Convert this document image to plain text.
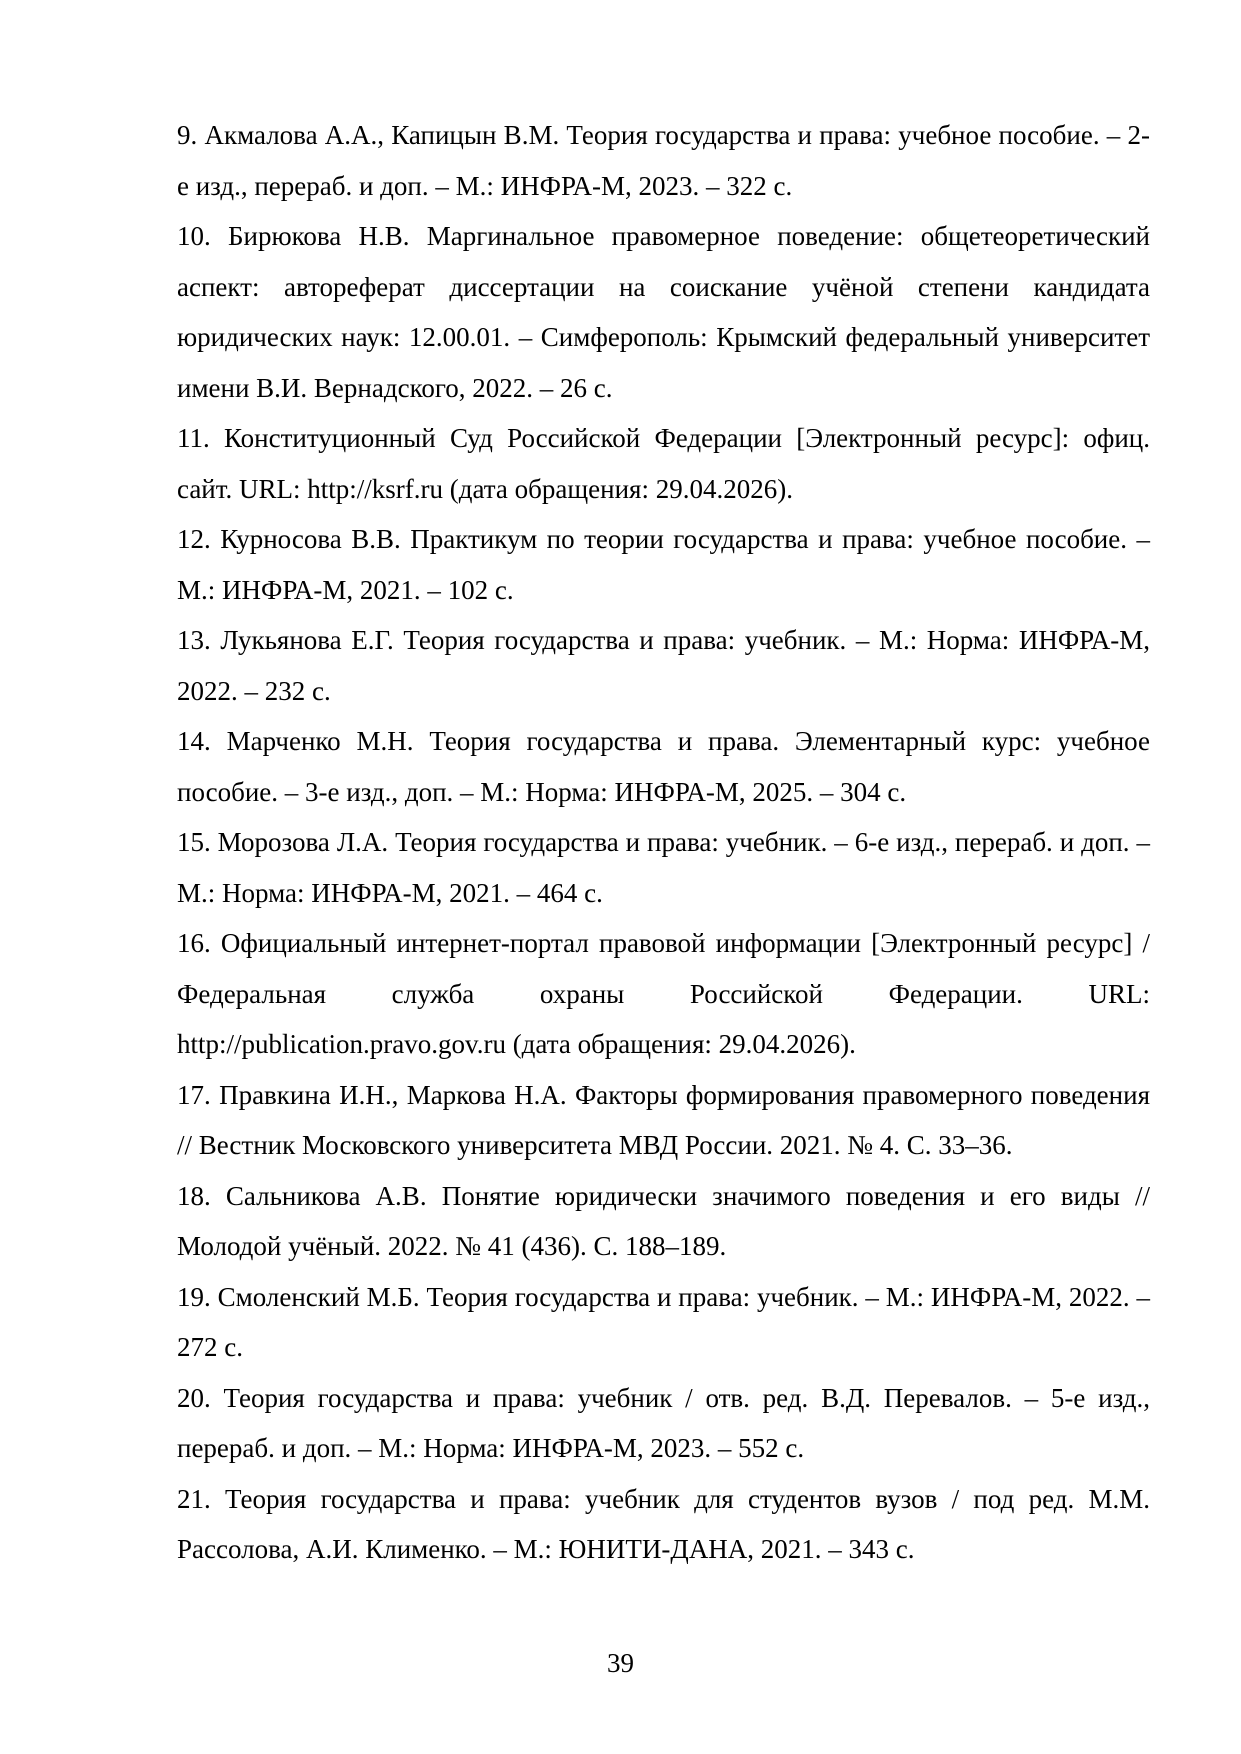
9. Акмалова А.А., Капицын В.М. Теория государства и права: учебное пособие. – 2-е изд., перераб. и доп. – М.: ИНФРА-М, 2023. – 322 с.
10. Бирюкова Н.В. Маргинальное правомерное поведение: общетеоретический аспект: автореферат диссертации на соискание учёной степени кандидата юридических наук: 12.00.01. – Симферополь: Крымский федеральный университет имени В.И. Вернадского, 2022. – 26 с.
11. Конституционный Суд Российской Федерации [Электронный ресурс]: офиц. сайт. URL: http://ksrf.ru (дата обращения: 29.04.2026).
12. Курносова В.В. Практикум по теории государства и права: учебное пособие. – М.: ИНФРА-М, 2021. – 102 с.
13. Лукьянова Е.Г. Теория государства и права: учебник. – М.: Норма: ИНФРА-М, 2022. – 232 с.
14. Марченко М.Н. Теория государства и права. Элементарный курс: учебное пособие. – 3-е изд., доп. – М.: Норма: ИНФРА-М, 2025. – 304 с.
15. Морозова Л.А. Теория государства и права: учебник. – 6-е изд., перераб. и доп. – М.: Норма: ИНФРА-М, 2021. – 464 с.
16. Официальный интернет-портал правовой информации [Электронный ресурс] / Федеральная служба охраны Российской Федерации. URL: http://publication.pravo.gov.ru (дата обращения: 29.04.2026).
17. Правкина И.Н., Маркова Н.А. Факторы формирования правомерного поведения // Вестник Московского университета МВД России. 2021. № 4. С. 33–36.
18. Сальникова А.В. Понятие юридически значимого поведения и его виды // Молодой учёный. 2022. № 41 (436). С. 188–189.
19. Смоленский М.Б. Теория государства и права: учебник. – М.: ИНФРА-М, 2022. – 272 с.
20. Теория государства и права: учебник / отв. ред. В.Д. Перевалов. – 5-е изд., перераб. и доп. – М.: Норма: ИНФРА-М, 2023. – 552 с.
21. Теория государства и права: учебник для студентов вузов / под ред. М.М. Рассолова, А.И. Клименко. – М.: ЮНИТИ-ДАНА, 2021. – 343 с.
39
